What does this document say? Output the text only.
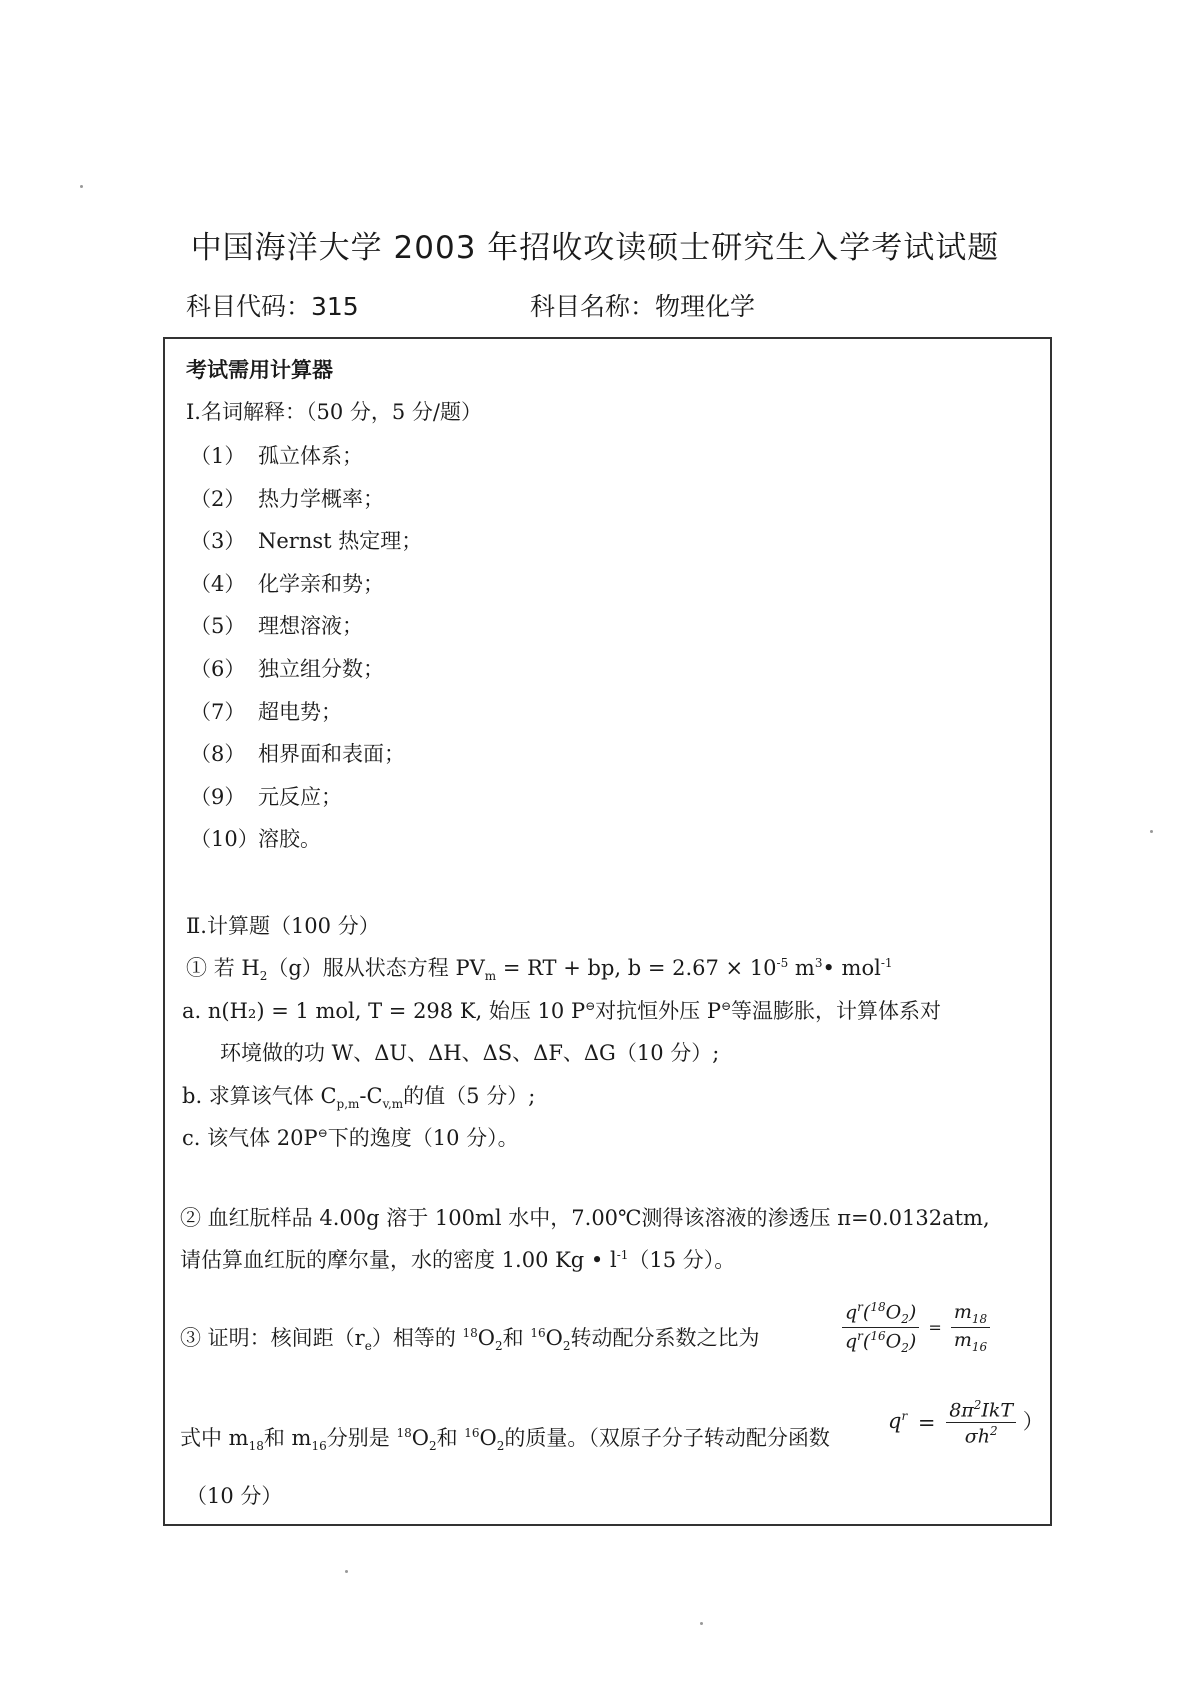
中国海洋大学 2003 年招收攻读硕士研究生入学考试试题
科目代码：315	科目名称：物理化学
考试需用计算器
Ⅰ.名词解释：（50 分，5 分/题）
（1） 孤立体系；
（2） 热力学概率；
（3） Nernst 热定理；
（4） 化学亲和势；
（5） 理想溶液；
（6） 独立组分数；
（7） 超电势；
（8） 相界面和表面；
（9） 元反应；
（10）溶胶。
Ⅱ.计算题（100 分）
① 若 $H_2(g)$服从状态方程 $PV_m$ = RT + bp, $b = 2.67 \times 10^{-5}$ $m^3•$ mol$^{-1}$
a. n(H₂) = 1 mol, T = 298 K, 始压 10 P⊖对抗恒外压 P⊖等温膨胀，计算体系对
环境做的功 W、ΔU、ΔH、ΔS、ΔF、ΔG（10 分）;
b. 求算该气体 $C_{p,m}-C_{v,m}$的值（5 分）;
c. 该气体 20P⊖下的逸度（10 分）。
② 血红朊样品 4.00g 溶于 100ml 水中，7.00℃测得该溶液的渗透压 π=0.0132atm,
请估算血红朊的摩尔量，水的密度 1.00 Kg • $l^{-1}(15$ 分）。
③ 证明：核间距$(r_e)$相等的 $^{18}O_2$和 $^{16}O_2$转动配分系数之比为	$\frac{q^r(^{18}O_2)}{q^r(^{16}O_2)} = \frac{m_{18}}{m_{16}}$
式中 $m_{18}$和 $m_{16}$分别是 $^{18}O_2$和 $^{16}O_2$的质量。（双原子分子转动配分函数
$q^r = \frac{8\pi^2IkT}{\sigma h^2}$ ）
（10 分）
